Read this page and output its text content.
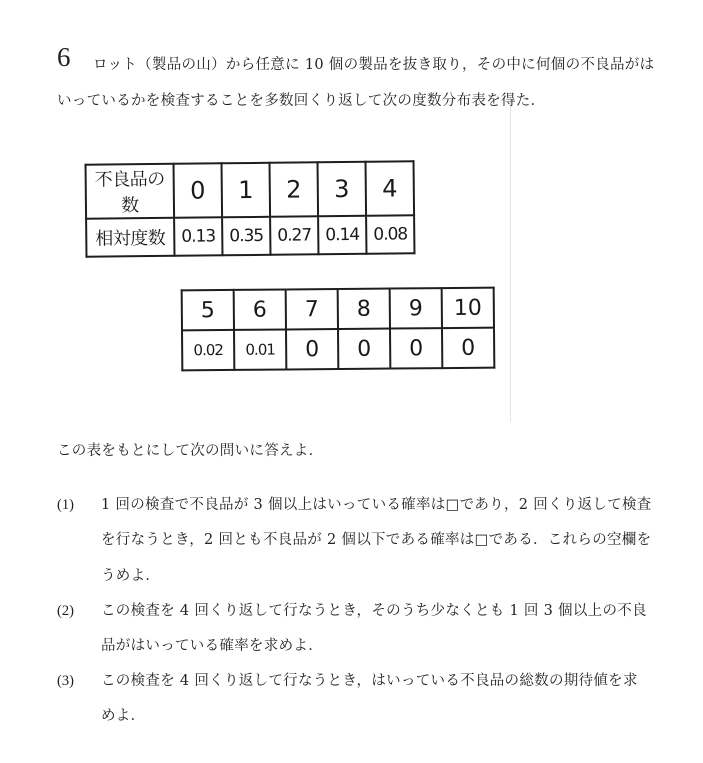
6 ロット（製品の山）から任意に 10 個の製品を抜き取り，その中に何個の不良品がは
いっているかを検査することを多数回くり返して次の度数分布表を得た．
不良品の数	0	1	2	3	4
相対度数	0.13	0.35	0.27	0.14	0.08
5	6	7	8	9	10
0.02	0.01	0	0	0	0
この表をもとにして次の問いに答えよ．
(1) 1 回の検査で不良品が 3 個以上はいっている確率は□であり，2 回くり返して検査
を行なうとき，2 回とも不良品が 2 個以下である確率は□である．これらの空欄を
うめよ．
(2) この検査を 4 回くり返して行なうとき，そのうち少なくとも 1 回 3 個以上の不良
品がはいっている確率を求めよ．
(3) この検査を 4 回くり返して行なうとき，はいっている不良品の総数の期待値を求
めよ．
